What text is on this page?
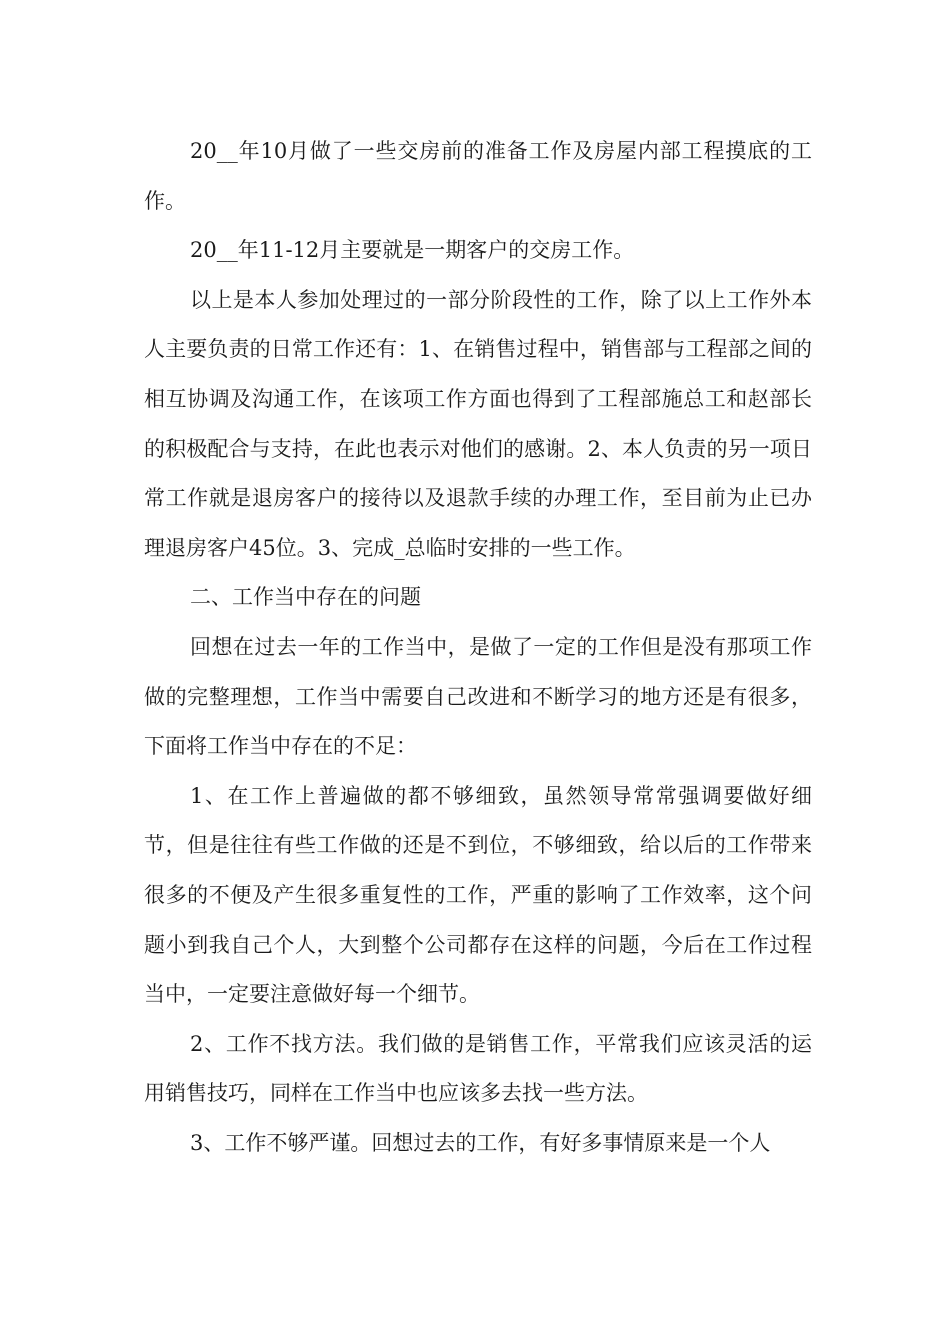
20__年10月做了一些交房前的准备工作及房屋内部工程摸底的工作。

20__年11-12月主要就是一期客户的交房工作。

以上是本人参加处理过的一部分阶段性的工作，除了以上工作外本人主要负责的日常工作还有：1、在销售过程中，销售部与工程部之间的相互协调及沟通工作，在该项工作方面也得到了工程部施总工和赵部长的积极配合与支持，在此也表示对他们的感谢。2、本人负责的另一项日常工作就是退房客户的接待以及退款手续的办理工作，至目前为止已办理退房客户45位。3、完成_总临时安排的一些工作。

二、工作当中存在的问题

回想在过去一年的工作当中，是做了一定的工作但是没有那项工作做的完整理想，工作当中需要自己改进和不断学习的地方还是有很多，下面将工作当中存在的不足：

1、在工作上普遍做的都不够细致，虽然领导常常强调要做好细节，但是往往有些工作做的还是不到位，不够细致，给以后的工作带来很多的不便及产生很多重复性的工作，严重的影响了工作效率，这个问题小到我自己个人，大到整个公司都存在这样的问题，今后在工作过程当中，一定要注意做好每一个细节。

2、工作不找方法。我们做的是销售工作，平常我们应该灵活的运用销售技巧，同样在工作当中也应该多去找一些方法。

3、工作不够严谨。回想过去的工作，有好多事情原来是一个人
